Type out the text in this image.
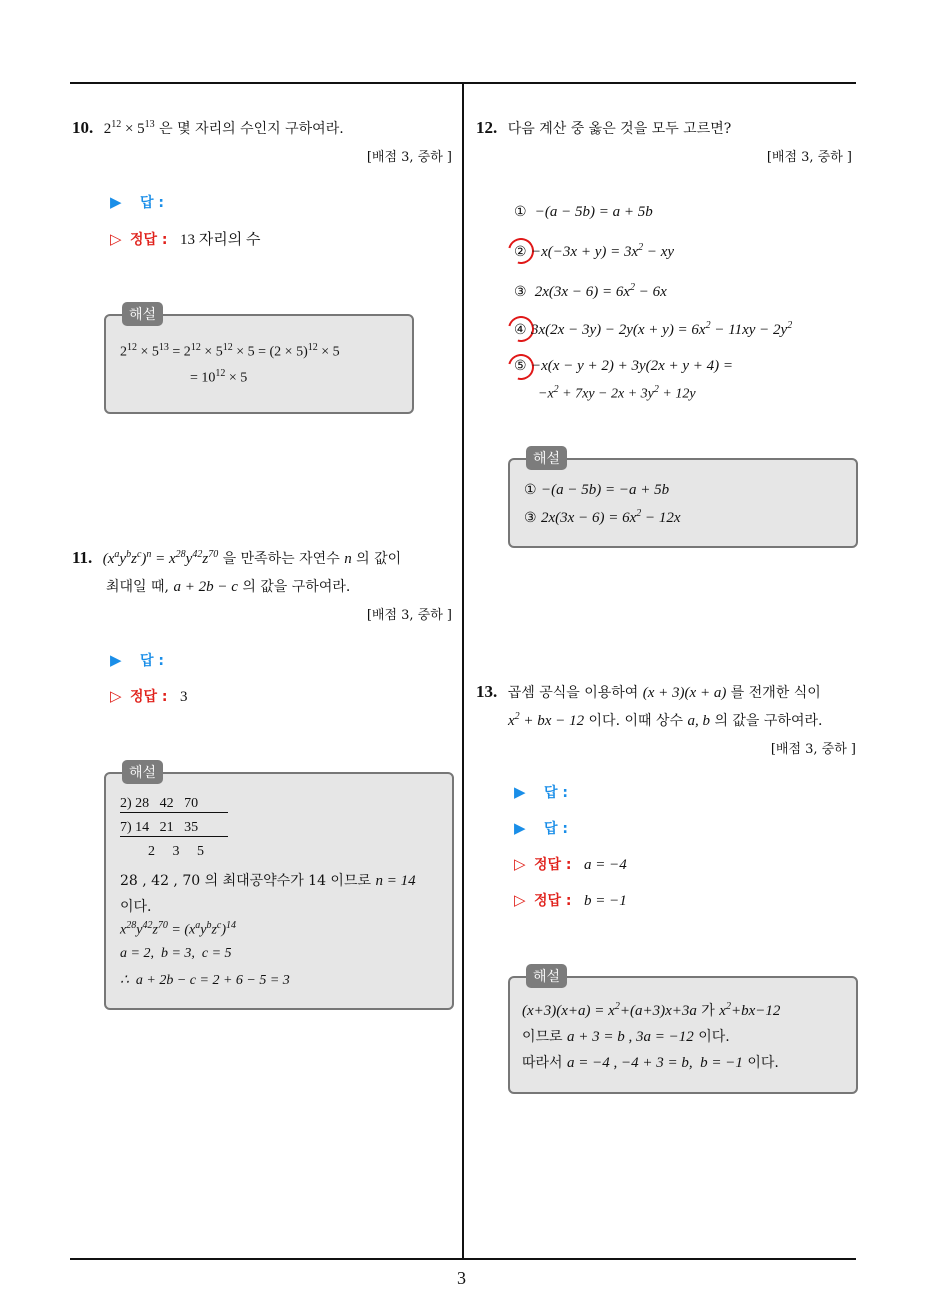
3
10. $2^{12} \times 5^{13}$ 은 몇 자리의 수인지 구하여라.
[배점 3, 중하 ]
▶ 답 :
▷ 정답 : 13 자리의 수
해설
$2^{12} \times 5^{13} = 2^{12} \times 5^{12} \times 5 = (2 \times 5)^{12} \times 5$
= $10^{12} \times 5$
11. $(x^ay^bz^c)^n = x^{28}y^{42}z^{70}$ 을 만족하는 자연수 n 의 값이
최대일 때, a + 2b − c 의 값을 구하여라.
[배점 3, 중하 ]
▶ 답 :
▷ 정답 : 3
해설
2) 28   42   70
7) 14   21   35
2     3     5
28 , 42 , 70 의 최대공약수가 14 이므로 n = 14
이다.
$x^{28}y^{42}z^{70} = (x^ay^bz^c)^{14}$
a = 2,  b = 3,  c = 5
∴  a + 2b − c = 2 + 6 − 5 = 3
12. 다음 계산 중 옳은 것을 모두 고르면?
[배점 3, 중하 ]
①  −(a − 5b) = a + 5b
② $-x(-3x + y) = 3x^2$ − xy
③  $2x(3x - 6) = 6x^2 - 6x$
④ $3x(2x - 3y) - 2y(x + y) = 6x^2 - 11xy - 2y^2$
⑤ −x(x − y + 2) + 3y(2x + y + 4) =
$-x^2 + 7xy - 2x + 3y^2 + 12y$
해설
① −(a − 5b) = −a + 5b
③ $2x(3x - 6) = 6x^2 - 12x$
13. 곱셈 공식을 이용하여 (x + 3)(x + a) 를 전개한 식이
$x^2$ + bx − 12 이다. 이때 상수 a, b 의 값을 구하여라.
[배점 3, 중하 ]
▶ 답 :
▶ 답 :
▷ 정답 : a = −4
▷ 정답 : b = −1
해설
$(x+3)(x+a) = x^2+(a+3)x+3a$ 가 $x^2+bx-12$
이므로 a + 3 = b , 3a = −12 이다.
따라서 a = −4 , −4 + 3 = b,  b = −1 이다.
